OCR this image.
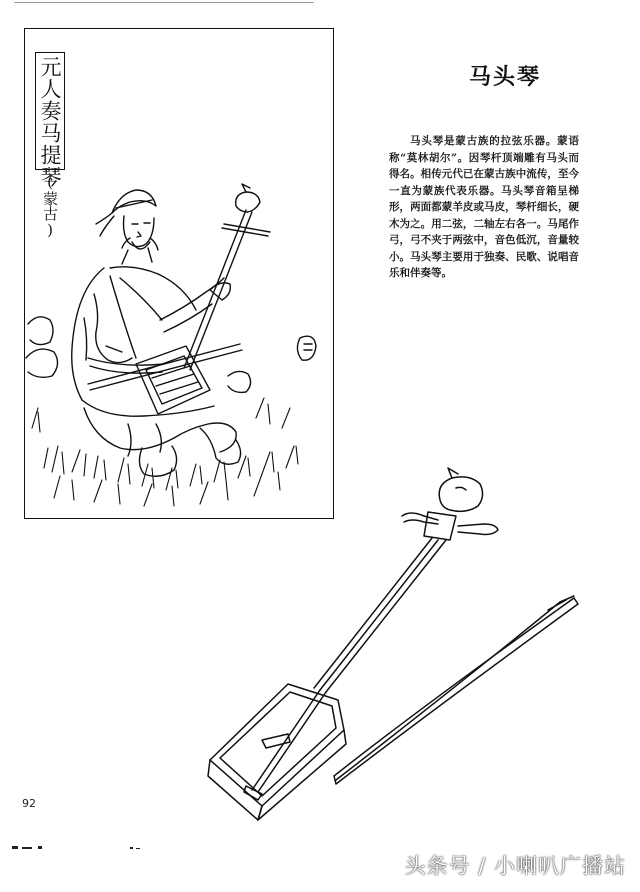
元人奏马提琴
(蒙古)
马头琴
马头琴是蒙古族的拉弦乐器。蒙语称“莫林胡尔”。因琴杆顶端雕有马头而得名。相传元代已在蒙古族中流传，至今一直为蒙族代表乐器。马头琴音箱呈梯形，两面都蒙羊皮或马皮，琴杆细长，硬木为之。用二弦，二轴左右各一。马尾作弓，弓不夹于两弦中，音色低沉，音量较小。马头琴主要用于独奏、民歌、说唱音乐和伴奏等。
92
头条号 / 小喇叭广播站
